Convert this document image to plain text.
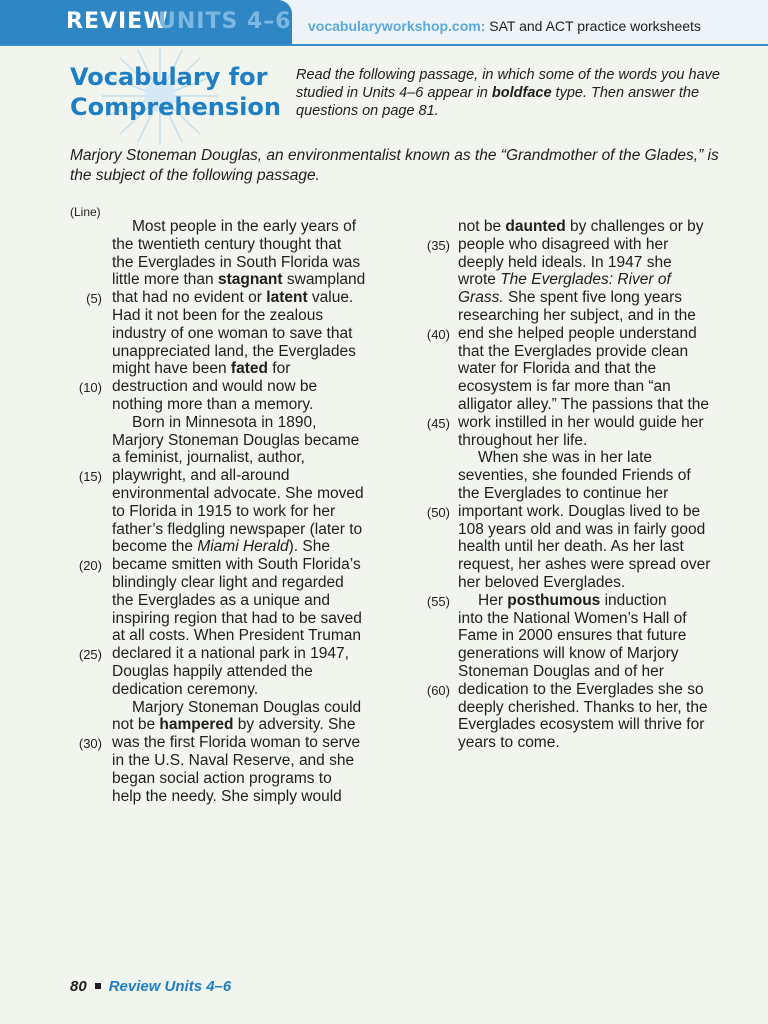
REVIEW
UNITS 4–6 vocabularyworkshop.com: SAT and ACT practice worksheets
Vocabulary for
Comprehension
Read the following passage, in which some of the words you have studied in Units 4–6 appear in boldface type. Then answer the questions on page 81.
Marjory Stoneman Douglas, an environmentalist known as the “Grandmother of the Glades,” is the subject of the following passage.
(Line)
Most people in the early years of
the twentieth century thought that
the Everglades in South Florida was
little more than stagnant swampland
(5) that had no evident or latent value.
Had it not been for the zealous
industry of one woman to save that
unappreciated land, the Everglades
might have been fated for
(10) destruction and would now be
nothing more than a memory.
Born in Minnesota in 1890,
Marjory Stoneman Douglas became
a feminist, journalist, author,
(15) playwright, and all-around
environmental advocate. She moved
to Florida in 1915 to work for her
father’s fledgling newspaper (later to
become the Miami Herald). She
(20) became smitten with South Florida’s
blindingly clear light and regarded
the Everglades as a unique and
inspiring region that had to be saved
at all costs. When President Truman
(25) declared it a national park in 1947,
Douglas happily attended the
dedication ceremony.
Marjory Stoneman Douglas could
not be hampered by adversity. She
(30) was the first Florida woman to serve
in the U.S. Naval Reserve, and she
began social action programs to
help the needy. She simply would
not be daunted by challenges or by
(35) people who disagreed with her
deeply held ideals. In 1947 she
wrote The Everglades: River of
Grass. She spent five long years
researching her subject, and in the
(40) end she helped people understand
that the Everglades provide clean
water for Florida and that the
ecosystem is far more than “an
alligator alley.” The passions that the
(45) work instilled in her would guide her
throughout her life.
When she was in her late
seventies, she founded Friends of
the Everglades to continue her
(50) important work. Douglas lived to be
108 years old and was in fairly good
health until her death. As her last
request, her ashes were spread over
her beloved Everglades.
(55) Her posthumous induction
into the National Women’s Hall of
Fame in 2000 ensures that future
generations will know of Marjory
Stoneman Douglas and of her
(60) dedication to the Everglades she so
deeply cherished. Thanks to her, the
Everglades ecosystem will thrive for
years to come.
80 Review Units 4–6
